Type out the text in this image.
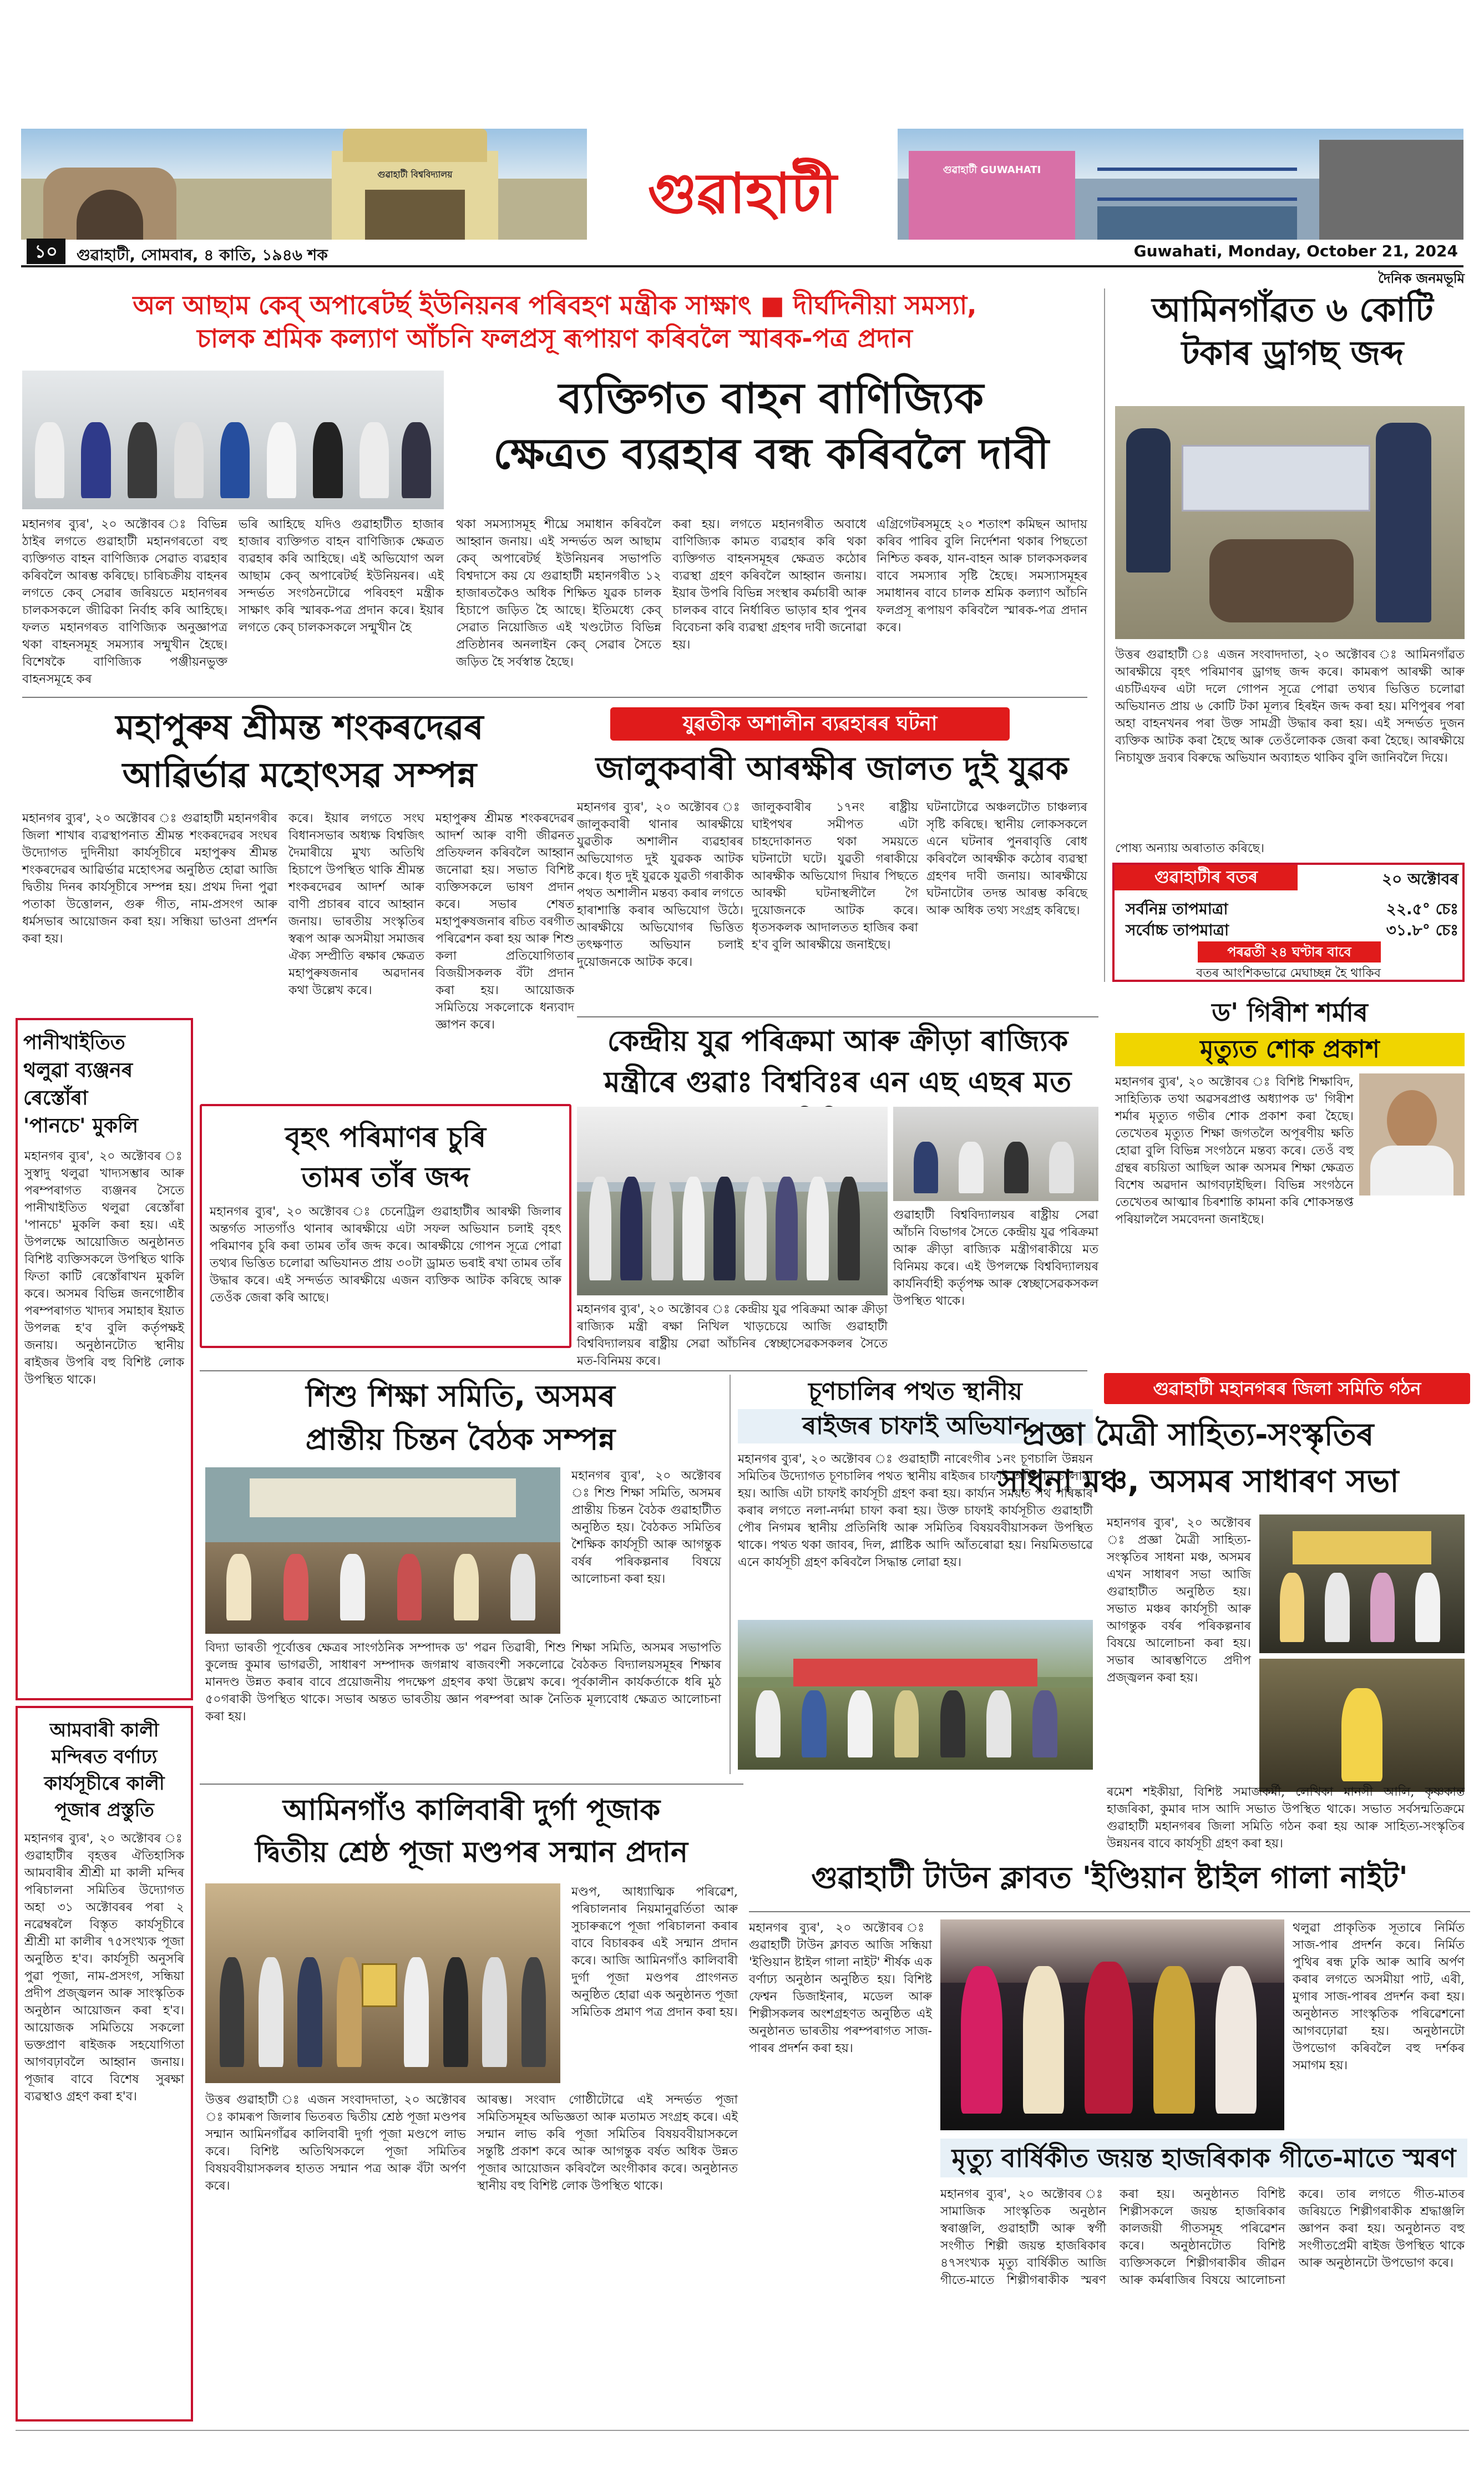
গুৱাহাটী বিশ্ববিদ্যালয়
১০	গুৱাহাটী, সোমবাৰ, ৪ কাতি, ১৯৪৬ শক
গুৱাহাটী	গুৱাহাটী GUWAHATI
Guwahati, Monday, October 21, 2024
দৈনিক জনমভূমি
অল আছাম কেব্ অপাৰেটৰ্ছ ইউনিয়নৰ পৰিবহণ মন্ত্ৰীক সাক্ষাৎ ■ দীৰ্ঘদিনীয়া সমস্যা,
চালক শ্ৰমিক কল্যাণ আঁচনি ফলপ্ৰসূ ৰূপায়ণ কৰিবলৈ স্মাৰক-পত্ৰ প্ৰদান
ব্যক্তিগত বাহন বাণিজ্যিক
ক্ষেত্ৰত ব্যৱহাৰ বন্ধ কৰিবলৈ দাবী
মহানগৰ ব্যুৰ', ২০ অক্টোবৰ ঃ বিভিন্ন ঠাইৰ লগতে গুৱাহাটী মহানগৰতো বহু ব্যক্তিগত বাহন বাণিজ্যিক সেৱাত ব্যৱহাৰ কৰিবলৈ আৰম্ভ কৰিছে। চাৰিচক্ৰীয় বাহনৰ লগতে কেব্ সেৱাৰ জৰিয়তে মহানগৰৰ চালকসকলে জীৱিকা নিৰ্বাহ কৰি আহিছে। ফলত মহানগৰত বাণিজ্যিক অনুজ্ঞাপত্ৰ থকা বাহনসমূহ সমস্যাৰ সন্মুখীন হৈছে। বিশেষকৈ বাণিজ্যিক পঞ্জীয়নভুক্ত বাহনসমূহে কৰ
ভৰি আহিছে যদিও গুৱাহাটীত হাজাৰ হাজাৰ ব্যক্তিগত বাহন বাণিজ্যিক ক্ষেত্ৰত ব্যৱহাৰ কৰি আহিছে। এই অভিযোগ অল আছাম কেব্ অপাৰেটৰ্ছ ইউনিয়নৰ। এই সন্দৰ্ভত সংগঠনটোৱে পৰিবহণ মন্ত্ৰীক সাক্ষাৎ কৰি স্মাৰক-পত্ৰ প্ৰদান কৰে। ইয়াৰ লগতে কেব্ চালকসকলে সন্মুখীন হৈ
থকা সমস্যাসমূহ শীঘ্ৰে সমাধান কৰিবলৈ আহ্বান জনায়। এই সন্দৰ্ভত অল আছাম কেব্ অপাৰেটৰ্ছ ইউনিয়নৰ সভাপতি বিশ্বদাসে কয় যে গুৱাহাটী মহানগৰীত ১২ হাজাৰতকৈও অধিক শিক্ষিত যুৱক চালক হিচাপে জড়িত হৈ আছে। ইতিমধ্যে কেব্ সেৱাত নিয়োজিত এই খণ্ডটোত বিভিন্ন প্ৰতিষ্ঠানৰ অনলাইন কেব্ সেৱাৰ সৈতে জড়িত হৈ সৰ্বস্বান্ত হৈছে।
কৰা হয়। লগতে মহানগৰীত অবাধে বাণিজ্যিক কামত ব্যৱহাৰ কৰি থকা ব্যক্তিগত বাহনসমূহৰ ক্ষেত্ৰত কঠোৰ ব্যৱস্থা গ্ৰহণ কৰিবলৈ আহ্বান জনায়। ইয়াৰ উপৰি বিভিন্ন সংস্থাৰ কৰ্মচাৰী আৰু চালকৰ বাবে নিৰ্ধাৰিত ভাড়াৰ হাৰ পুনৰ বিবেচনা কৰি ব্যৱস্থা গ্ৰহণৰ দাবী জনোৱা হয়।
এগ্ৰিগেটৰসমূহে ২০ শতাংশ কমিছন আদায় কৰিব পাৰিব বুলি নিৰ্দেশনা থকাৰ পিছতো নিশ্চিত কৰক, যান-বাহন আৰু চালকসকলৰ বাবে সমস্যাৰ সৃষ্টি হৈছে। সমস্যাসমূহৰ সমাধানৰ বাবে চালক শ্ৰমিক কল্যাণ আঁচনি ফলপ্ৰসূ ৰূপায়ণ কৰিবলৈ স্মাৰক-পত্ৰ প্ৰদান কৰে।
আমিনগাঁৱত ৬ কোটি
টকাৰ ড্ৰাগছ জব্দ
উত্তৰ গুৱাহাটী ঃ এজন সংবাদদাতা, ২০ অক্টোবৰ ঃ আমিনগাঁৱত আৰক্ষীয়ে বৃহৎ পৰিমাণৰ ড্ৰাগছ জব্দ কৰে। কামৰূপ আৰক্ষী আৰু এচটিএফৰ এটা দলে গোপন সূত্ৰে পোৱা তথ্যৰ ভিত্তিত চলোৱা অভিযানত প্ৰায় ৬ কোটি টকা মূল্যৰ হিৰইন জব্দ কৰা হয়। মণিপুৰৰ পৰা অহা বাহনখনৰ পৰা উক্ত সামগ্ৰী উদ্ধাৰ কৰা হয়। এই সন্দৰ্ভত দুজন ব্যক্তিক আটক কৰা হৈছে আৰু তেওঁলোকক জেৰা কৰা হৈছে। আৰক্ষীয়ে নিচাযুক্ত দ্ৰব্যৰ বিৰুদ্ধে অভিযান অব্যাহত থাকিব বুলি জানিবলৈ দিয়ে।
পোষ্য অন্যায় অৰাতাত কৰিছে।
গুৱাহাটীৰ বতৰ	২০ অক্টোবৰ
সৰ্বনিম্ন তাপমাত্ৰা	২২.৫° চেঃ
সৰ্বোচ্চ তাপমাত্ৰা	৩১.৮° চেঃ
পৰৱৰ্তী ২৪ ঘণ্টাৰ বাবে
বতৰ আংশিকভাৱে মেঘাচ্ছন্ন হৈ থাকিব
মহাপুৰুষ শ্ৰীমন্ত শংকৰদেৱৰ
আৱিৰ্ভাৱ মহোৎসৱ সম্পন্ন
মহানগৰ ব্যুৰ', ২০ অক্টোবৰ ঃ গুৱাহাটী মহানগৰীৰ জিলা শাখাৰ ব্যৱস্থাপনাত শ্ৰীমন্ত শংকৰদেৱৰ সংঘৰ উদ্যোগত দুদিনীয়া কাৰ্যসূচীৰে মহাপুৰুষ শ্ৰীমন্ত শংকৰদেৱৰ আৱিৰ্ভাৱ মহোৎসৱ অনুষ্ঠিত হোৱা আজি দ্বিতীয় দিনৰ কাৰ্যসূচীৰে সম্পন্ন হয়। প্ৰথম দিনা পুৱা পতাকা উত্তোলন, গুৰু গীত, নাম-প্ৰসংগ আৰু ধৰ্মসভাৰ আয়োজন কৰা হয়। সন্ধিয়া ভাওনা প্ৰদৰ্শন কৰা হয়।
কৰে। ইয়াৰ লগতে সংঘ বিধানসভাৰ অধ্যক্ষ বিশ্বজিৎ দৈমাৰীয়ে মুখ্য অতিথি হিচাপে উপস্থিত থাকি শ্ৰীমন্ত শংকৰদেৱৰ আদৰ্শ আৰু বাণী প্ৰচাৰৰ বাবে আহ্বান জনায়। ভাৰতীয় সংস্কৃতিৰ স্বৰূপ আৰু অসমীয়া সমাজৰ ঐক্য সম্প্ৰীতি ৰক্ষাৰ ক্ষেত্ৰত মহাপুৰুষজনাৰ অৱদানৰ কথা উল্লেখ কৰে।
মহাপুৰুষ শ্ৰীমন্ত শংকৰদেৱৰ আদৰ্শ আৰু বাণী জীৱনত প্ৰতিফলন কৰিবলৈ আহ্বান জনোৱা হয়। সভাত বিশিষ্ট ব্যক্তিসকলে ভাষণ প্ৰদান কৰে। সভাৰ শেষত মহাপুৰুষজনাৰ ৰচিত বৰগীত পৰিৱেশন কৰা হয় আৰু শিশু কলা প্ৰতিযোগিতাৰ বিজয়ীসকলক বঁটা প্ৰদান কৰা হয়। আয়োজক সমিতিয়ে সকলোকে ধন্যবাদ জ্ঞাপন কৰে।
যুৱতীক অশালীন ব্যৱহাৰৰ ঘটনা
জালুকবাৰী আৰক্ষীৰ জালত দুই যুৱক
মহানগৰ ব্যুৰ', ২০ অক্টোবৰ ঃ জালুকবাৰী থানাৰ আৰক্ষীয়ে যুৱতীক অশালীন ব্যৱহাৰৰ অভিযোগত দুই যুৱকক আটক কৰে। ধৃত দুই যুৱকে যুৱতী গৰাকীক পথত অশালীন মন্তব্য কৰাৰ লগতে হাৰাশাস্তি কৰাৰ অভিযোগ উঠে। আৰক্ষীয়ে অভিযোগৰ ভিত্তিত তৎক্ষণাত অভিযান চলাই দুয়োজনকে আটক কৰে।
জালুকবাৰীৰ ১৭নং ৰাষ্ট্ৰীয় ঘাইপথৰ সমীপত এটা চাহদোকানত থকা সময়তে ঘটনাটো ঘটে। যুৱতী গৰাকীয়ে আৰক্ষীক অভিযোগ দিয়াৰ পিছতে আৰক্ষী ঘটনাস্থলীলৈ গৈ দুয়োজনকে আটক কৰে। ধৃতসকলক আদালতত হাজিৰ কৰা হ'ব বুলি আৰক্ষীয়ে জনাইছে।
ঘটনাটোৱে অঞ্চলটোত চাঞ্চল্যৰ সৃষ্টি কৰিছে। স্থানীয় লোকসকলে এনে ঘটনাৰ পুনৰাবৃত্তি ৰোধ কৰিবলৈ আৰক্ষীক কঠোৰ ব্যৱস্থা গ্ৰহণৰ দাবী জনায়। আৰক্ষীয়ে ঘটনাটোৰ তদন্ত আৰম্ভ কৰিছে আৰু অধিক তথ্য সংগ্ৰহ কৰিছে।
ড' গিৰীশ শৰ্মাৰ
মৃত্যুত শোক প্ৰকাশ
মহানগৰ ব্যুৰ', ২০ অক্টোবৰ ঃ বিশিষ্ট শিক্ষাবিদ, সাহিত্যিক তথা অৱসৰপ্ৰাপ্ত অধ্যাপক ড' গিৰীশ শৰ্মাৰ মৃত্যুত গভীৰ শোক প্ৰকাশ কৰা হৈছে। তেখেতৰ মৃত্যুত শিক্ষা জগতলৈ অপূৰণীয় ক্ষতি হোৱা বুলি বিভিন্ন সংগঠনে মন্তব্য কৰে। তেওঁ বহু গ্ৰন্থৰ ৰচয়িতা আছিল আৰু অসমৰ শিক্ষা ক্ষেত্ৰত বিশেষ অৱদান আগবঢ়াইছিল। বিভিন্ন সংগঠনে তেখেতৰ আত্মাৰ চিৰশান্তি কামনা কৰি শোকসন্তপ্ত পৰিয়াললৈ সমবেদনা জনাইছে।
কেন্দ্ৰীয় যুৱ পৰিক্ৰমা আৰু ক্ৰীড়া ৰাজ্যিক
মন্ত্ৰীৰে গুৱাঃ বিশ্ববিঃৰ এন এছ এছৰ মত
মহানগৰ ব্যুৰ', ২০ অক্টোবৰ ঃ কেন্দ্ৰীয় যুৱ পৰিক্ৰমা আৰু ক্ৰীড়া ৰাজ্যিক মন্ত্ৰী ৰক্ষা নিখিল খাড়চেয়ে আজি গুৱাহাটী বিশ্ববিদ্যালয়ৰ ৰাষ্ট্ৰীয় সেৱা আঁচনিৰ স্বেচ্ছাসেৱকসকলৰ সৈতে মত-বিনিময় কৰে।
গুৱাহাটী বিশ্ববিদ্যালয়ৰ ৰাষ্ট্ৰীয় সেৱা আঁচনি বিভাগৰ সৈতে কেন্দ্ৰীয় যুৱ পৰিক্ৰমা আৰু ক্ৰীড়া ৰাজ্যিক মন্ত্ৰীগৰাকীয়ে মত বিনিময় কৰে। এই উপলক্ষে বিশ্ববিদ্যালয়ৰ কাৰ্যনিৰ্বাহী কৰ্তৃপক্ষ আৰু স্বেচ্ছাসেৱকসকল উপস্থিত থাকে।
পানীখাইতিত
থলুৱা ব্যঞ্জনৰ
ৰেস্তোঁৰা
'পানচে' মুকলি
মহানগৰ ব্যুৰ', ২০ অক্টোবৰ ঃ সুস্বাদু থলুৱা খাদ্যসম্ভাৰ আৰু পৰম্পৰাগত ব্যঞ্জনৰ সৈতে পানীখাইতিত থলুৱা ৰেস্তোঁৰা 'পানচে' মুকলি কৰা হয়। এই উপলক্ষে আয়োজিত অনুষ্ঠানত বিশিষ্ট ব্যক্তিসকলে উপস্থিত থাকি ফিতা কাটি ৰেস্তোঁৰাখন মুকলি কৰে। অসমৰ বিভিন্ন জনগোষ্ঠীৰ পৰম্পৰাগত খাদ্যৰ সমাহাৰ ইয়াত উপলব্ধ হ'ব বুলি কৰ্তৃপক্ষই জনায়। অনুষ্ঠানটোত স্থানীয় ৰাইজৰ উপৰি বহু বিশিষ্ট লোক উপস্থিত থাকে।
বৃহৎ পৰিমাণৰ চুৰি
তামৰ তাঁৰ জব্দ
মহানগৰ ব্যুৰ', ২০ অক্টোবৰ ঃ চেনেট্ৰিল গুৱাহাটীৰ আৰক্ষী জিলাৰ অন্তৰ্গত সাতগাঁও থানাৰ আৰক্ষীয়ে এটা সফল অভিযান চলাই বৃহৎ পৰিমাণৰ চুৰি কৰা তামৰ তাঁৰ জব্দ কৰে। আৰক্ষীয়ে গোপন সূত্ৰে পোৱা তথ্যৰ ভিত্তিত চলোৱা অভিযানত প্ৰায় ৩০টা ড্ৰামত ভৰাই ৰখা তামৰ তাঁৰ উদ্ধাৰ কৰে। এই সন্দৰ্ভত আৰক্ষীয়ে এজন ব্যক্তিক আটক কৰিছে আৰু তেওঁক জেৰা কৰি আছে।
শিশু শিক্ষা সমিতি, অসমৰ
প্ৰান্তীয় চিন্তন বৈঠক সম্পন্ন
মহানগৰ ব্যুৰ', ২০ অক্টোবৰ ঃ শিশু শিক্ষা সমিতি, অসমৰ প্ৰান্তীয় চিন্তন বৈঠক গুৱাহাটীত অনুষ্ঠিত হয়। বৈঠকত সমিতিৰ শৈক্ষিক কাৰ্যসূচী আৰু আগন্তুক বৰ্ষৰ পৰিকল্পনাৰ বিষয়ে আলোচনা কৰা হয়।
বিদ্যা ভাৰতী পূৰ্বোত্তৰ ক্ষেত্ৰৰ সাংগঠনিক সম্পাদক ড' পৱন তিৱাৰী, শিশু শিক্ষা সমিতি, অসমৰ সভাপতি কুলেন্দ্ৰ কুমাৰ ভাগৱতী, সাধাৰণ সম্পাদক জগন্নাথ ৰাজবংশী সকলোৱে বৈঠকত বিদ্যালয়সমূহৰ শিক্ষাৰ মানদণ্ড উন্নত কৰাৰ বাবে প্ৰয়োজনীয় পদক্ষেপ গ্ৰহণৰ কথা উল্লেখ কৰে। পূৰ্বকালীন কাৰ্যকৰ্তাকে ধৰি মুঠ ৫০গৰাকী উপস্থিত থাকে। সভাৰ অন্তত ভাৰতীয় জ্ঞান পৰম্পৰা আৰু নৈতিক মূল্যবোধ ক্ষেত্ৰত আলোচনা কৰা হয়।
চূণচালিৰ পথত স্থানীয়
ৰাইজৰ চাফাই অভিযান
মহানগৰ ব্যুৰ', ২০ অক্টোবৰ ঃ গুৱাহাটী নাৰেংগীৰ ১নং চূণচালি উন্নয়ন সমিতিৰ উদ্যোগত চূণচালিৰ পথত স্থানীয় ৰাইজৰ চাফাই অভিযান চলোৱা হয়। আজি এটা চাফাই কাৰ্যসূচী গ্ৰহণ কৰা হয়। কাৰ্য্যন সময়ত পথ পৰিষ্কাৰ কৰাৰ লগতে নলা-নৰ্দমা চাফা কৰা হয়। উক্ত চাফাই কাৰ্যসূচীত গুৱাহাটী পৌৰ নিগমৰ স্থানীয় প্ৰতিনিধি আৰু সমিতিৰ বিষয়ববীয়াসকল উপস্থিত থাকে। পথত থকা জাবৰ, দিল, প্লাষ্টিক আদি আঁতৰোৱা হয়। নিয়মিতভাৱে এনে কাৰ্যসূচী গ্ৰহণ কৰিবলৈ সিদ্ধান্ত লোৱা হয়।
গুৱাহাটী মহানগৰৰ জিলা সমিতি গঠন
প্ৰজ্ঞা মৈত্ৰী সাহিত্য-সংস্কৃতিৰ
সাধনা মঞ্চ, অসমৰ সাধাৰণ সভা
মহানগৰ ব্যুৰ', ২০ অক্টোবৰ ঃ প্ৰজ্ঞা মৈত্ৰী সাহিত্য-সংস্কৃতিৰ সাধনা মঞ্চ, অসমৰ এখন সাধাৰণ সভা আজি গুৱাহাটীত অনুষ্ঠিত হয়। সভাত মঞ্চৰ কাৰ্যসূচী আৰু আগন্তুক বৰ্ষৰ পৰিকল্পনাৰ বিষয়ে আলোচনা কৰা হয়। সভাৰ আৰম্ভণিতে প্ৰদীপ প্ৰজ্জ্বলন কৰা হয়।
ৰমেশ শইকীয়া, বিশিষ্ট সমাজকৰ্মী, লেখিকা মানসী আলি, কৃষ্ণকান্ত হাজৰিকা, কুমাৰ দাস আদি সভাত উপস্থিত থাকে। সভাত সৰ্বসন্মতিক্ৰমে গুৱাহাটী মহানগৰৰ জিলা সমিতি গঠন কৰা হয় আৰু সাহিত্য-সংস্কৃতিৰ উন্নয়নৰ বাবে কাৰ্যসূচী গ্ৰহণ কৰা হয়।
আমবাৰী কালী
মন্দিৰত বৰ্ণাঢ্য
কাৰ্যসূচীৰে কালী
পূজাৰ প্ৰস্তুতি
মহানগৰ ব্যুৰ', ২০ অক্টোবৰ ঃ গুৱাহাটীৰ বৃহত্তৰ ঐতিহাসিক আমবাৰীৰ শ্ৰীশ্ৰী মা কালী মন্দিৰ পৰিচালনা সমিতিৰ উদ্যোগত অহা ৩১ অক্টোবৰৰ পৰা ২ নৱেম্বৰলৈ বিস্তৃত কাৰ্যসূচীৰে শ্ৰীশ্ৰী মা কালীৰ ৭৫সংখ্যক পূজা অনুষ্ঠিত হ'ব। কাৰ্যসূচী অনুসৰি পুৱা পূজা, নাম-প্ৰসংগ, সন্ধিয়া প্ৰদীপ প্ৰজ্জ্বলন আৰু সাংস্কৃতিক অনুষ্ঠান আয়োজন কৰা হ'ব। আয়োজক সমিতিয়ে সকলো ভক্তপ্ৰাণ ৰাইজক সহযোগিতা আগবঢ়াবলৈ আহ্বান জনায়। পূজাৰ বাবে বিশেষ সুৰক্ষা ব্যৱস্থাও গ্ৰহণ কৰা হ'ব।
আমিনগাঁও কালিবাৰী দুৰ্গা পূজাক
দ্বিতীয় শ্ৰেষ্ঠ পূজা মণ্ডপৰ সন্মান প্ৰদান
মণ্ডপ, আধ্যাত্মিক পৰিৱেশ, পৰিচালনাৰ নিয়মানুৱৰ্তিতা আৰু সুচাৰুৰূপে পূজা পৰিচালনা কৰাৰ বাবে বিচাৰকৰ এই সন্মান প্ৰদান কৰে। আজি আমিনগাঁও কালিবাৰী দুৰ্গা পূজা মণ্ডপৰ প্ৰাংগনত অনুষ্ঠিত হোৱা এক অনুষ্ঠানত পূজা সমিতিক প্ৰমাণ পত্ৰ প্ৰদান কৰা হয়।
উত্তৰ গুৱাহাটী ঃ এজন সংবাদদাতা, ২০ অক্টোবৰ ঃ কামৰূপ জিলাৰ ভিতৰত দ্বিতীয় শ্ৰেষ্ঠ পূজা মণ্ডপৰ সন্মান আমিনগাঁৱৰ কালিবাৰী দুৰ্গা পূজা মণ্ডপে লাভ কৰে। বিশিষ্ট অতিথিসকলে পূজা সমিতিৰ বিষয়ববীয়াসকলৰ হাতত সন্মান পত্ৰ আৰু বঁটা অৰ্পণ কৰে।
আৰম্ভ। সংবাদ গোষ্ঠীটোৱে এই সন্দৰ্ভত পূজা সমিতিসমূহৰ অভিজ্ঞতা আৰু মতামত সংগ্ৰহ কৰে। এই সন্মান লাভ কৰি পূজা সমিতিৰ বিষয়ববীয়াসকলে সন্তুষ্টি প্ৰকাশ কৰে আৰু আগন্তুক বৰ্ষত অধিক উন্নত পূজাৰ আয়োজন কৰিবলৈ অংগীকাৰ কৰে। অনুষ্ঠানত স্থানীয় বহু বিশিষ্ট লোক উপস্থিত থাকে।
গুৱাহাটী টাউন ক্লাবত 'ইণ্ডিয়ান ষ্টাইল গালা নাইট'
মহানগৰ ব্যুৰ', ২০ অক্টোবৰ ঃ গুৱাহাটী টাউন ক্লাবত আজি সন্ধিয়া 'ইণ্ডিয়ান ষ্টাইল গালা নাইট' শীৰ্ষক এক বৰ্ণাঢ্য অনুষ্ঠান অনুষ্ঠিত হয়। বিশিষ্ট ফেশ্বন ডিজাইনাৰ, মডেল আৰু শিল্পীসকলৰ অংশগ্ৰহণত অনুষ্ঠিত এই অনুষ্ঠানত ভাৰতীয় পৰম্পৰাগত সাজ-পাৰৰ প্ৰদৰ্শন কৰা হয়।
থলুৱা প্ৰাকৃতিক সূতাৰে নিৰ্মিত সাজ-পাৰ প্ৰদৰ্শন কৰে। নিৰ্মিত পুথিৰ ৰন্ধ ঢুকি আৰু আৰি অৰ্পণ কৰাৰ লগতে অসমীয়া পাট, এৰী, মুগাৰ সাজ-পাৰৰ প্ৰদৰ্শন কৰা হয়। অনুষ্ঠানত সাংস্কৃতিক পৰিৱেশনো আগবঢ়োৱা হয়। অনুষ্ঠানটো উপভোগ কৰিবলৈ বহু দৰ্শকৰ সমাগম হয়।
মৃত্যু বাৰ্ষিকীত জয়ন্ত হাজৰিকাক গীতে-মাতে স্মৰণ
মহানগৰ ব্যুৰ', ২০ অক্টোবৰ ঃ সামাজিক সাংস্কৃতিক অনুষ্ঠান স্বৰাঞ্জলি, গুৱাহাটী আৰু স্বৰ্গী সংগীত শিল্পী জয়ন্ত হাজৰিকাৰ ৪৭সংখ্যক মৃত্যু বাৰ্ষিকীত আজি গীতে-মাতে শিল্পীগৰাকীক স্মৰণ কৰা হয়। অনুষ্ঠানত বিশিষ্ট শিল্পীসকলে জয়ন্ত হাজৰিকাৰ কালজয়ী গীতসমূহ পৰিৱেশন কৰে। অনুষ্ঠানটোত বিশিষ্ট ব্যক্তিসকলে শিল্পীগৰাকীৰ জীৱন আৰু কৰ্মৰাজিৰ বিষয়ে আলোচনা কৰে। তাৰ লগতে গীত-মাতৰ জৰিয়তে শিল্পীগৰাকীক শ্ৰদ্ধাঞ্জলি জ্ঞাপন কৰা হয়। অনুষ্ঠানত বহু সংগীতপ্ৰেমী ৰাইজ উপস্থিত থাকে আৰু অনুষ্ঠানটো উপভোগ কৰে।
